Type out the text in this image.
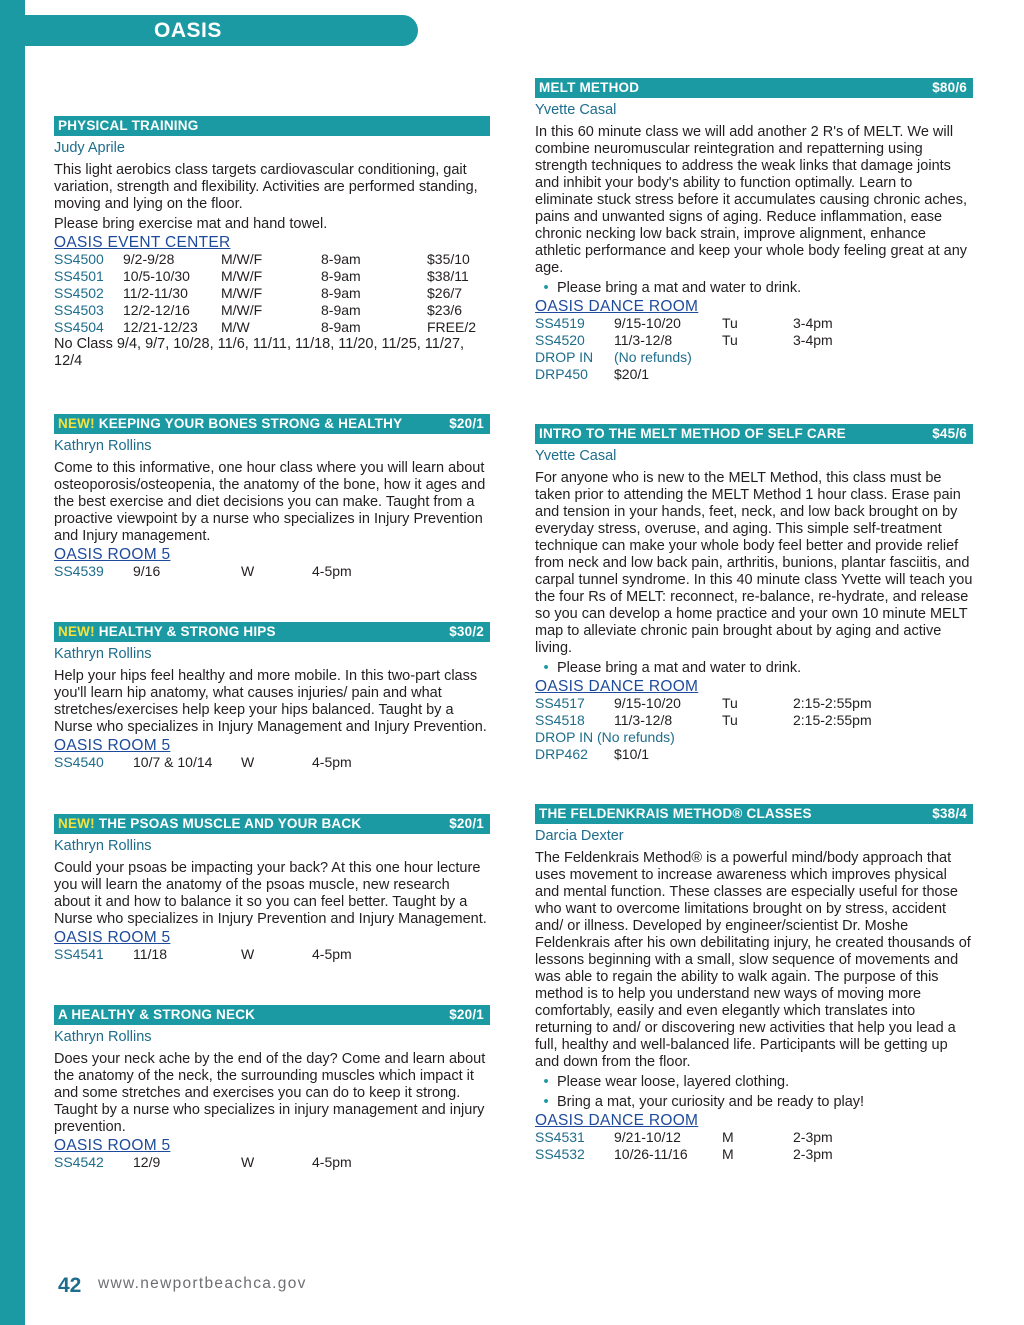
OASIS
PHYSICAL TRAINING
Judy Aprile
This light aerobics class targets cardiovascular conditioning, gait variation, strength and flexibility. Activities are performed standing, moving and lying on the floor.
Please bring exercise mat and hand towel.
OASIS EVENT CENTER
SS4500 9/2-9/28	M/W/F	8-9am	$35/10
SS4501 10/5-10/30 M/W/F	8-9am	$38/11
SS4502 11/2-11/30 M/W/F	8-9am	$26/7
SS4503 12/2-12/16 M/W/F	8-9am	$23/6
SS4504 12/21-12/23 M/W	8-9am	FREE/2
No Class 9/4, 9/7, 10/28, 11/6, 11/11, 11/18, 11/20, 11/25, 11/27, 12/4
NEW! KEEPING YOUR BONES STRONG & HEALTHY	$20/1
Kathryn Rollins
Come to this informative, one hour class where you will learn about osteoporosis/osteopenia, the anatomy of the bone, how it ages and the best exercise and diet decisions you can make. Taught from a proactive viewpoint by a nurse who specializes in Injury Prevention and Injury management.
OASIS ROOM 5
SS4539 9/16	W	4-5pm
NEW! HEALTHY & STRONG HIPS	$30/2
Kathryn Rollins
Help your hips feel healthy and more mobile. In this two-part class you'll learn hip anatomy, what causes injuries/ pain and what stretches/exercises help keep your hips balanced. Taught by a Nurse who specializes in Injury Management and Injury Prevention.
OASIS ROOM 5
SS4540 10/7 & 10/14 W	4-5pm
NEW! THE PSOAS MUSCLE AND YOUR BACK	$20/1
Kathryn Rollins
Could your psoas be impacting your back? At this one hour lecture you will learn the anatomy of the psoas muscle, new research about it and how to balance it so you can feel better. Taught by a Nurse who specializes in Injury Prevention and Injury Management.
OASIS ROOM 5
SS4541 11/18	W	4-5pm
A HEALTHY & STRONG NECK	$20/1
Kathryn Rollins
Does your neck ache by the end of the day? Come and learn about the anatomy of the neck, the surrounding muscles which impact it and some stretches and exercises you can do to keep it strong. Taught by a nurse who specializes in injury management and injury prevention.
OASIS ROOM 5
SS4542 12/9	W	4-5pm
MELT METHOD	$80/6
Yvette Casal
In this 60 minute class we will add another 2 R's of MELT. We will combine neuromuscular reintegration and repatterning using strength techniques to address the weak links that damage joints and inhibit your body's ability to function optimally. Learn to eliminate stuck stress before it accumulates causing chronic aches, pains and unwanted signs of aging. Reduce inflammation, ease chronic necking low back strain, improve alignment, enhance athletic performance and keep your whole body feeling great at any age.
• Please bring a mat and water to drink.
OASIS DANCE ROOM
SS4519 9/15-10/20	Tu	3-4pm
SS4520 11/3-12/8	Tu	3-4pm
DROP IN (No refunds)
DRP450 $20/1
INTRO TO THE MELT METHOD OF SELF CARE	$45/6
Yvette Casal
For anyone who is new to the MELT Method, this class must be taken prior to attending the MELT Method 1 hour class. Erase pain and tension in your hands, feet, neck, and low back brought on by everyday stress, overuse, and aging. This simple self-treatment technique can make your whole body feel better and provide relief from neck and low back pain, arthritis, bunions, plantar fasciitis, and carpal tunnel syndrome. In this 40 minute class Yvette will teach you the four Rs of MELT: reconnect, re-balance, re-hydrate, and release so you can develop a home practice and your own 10 minute MELT map to alleviate chronic pain brought about by aging and active living.
• Please bring a mat and water to drink.
OASIS DANCE ROOM
SS4517 9/15-10/20	Tu	2:15-2:55pm
SS4518 11/3-12/8	Tu	2:15-2:55pm
DROP IN (No refunds)
DRP462 $10/1
THE FELDENKRAIS METHOD® CLASSES	$38/4
Darcia Dexter
The Feldenkrais Method® is a powerful mind/body approach that uses movement to increase awareness which improves physical and mental function. These classes are especially useful for those who want to overcome limitations brought on by stress, accident and/ or illness. Developed by engineer/scientist Dr. Moshe Feldenkrais after his own debilitating injury, he created thousands of lessons beginning with a small, slow sequence of movements and was able to regain the ability to walk again. The purpose of this method is to help you understand new ways of moving more comfortably, easily and even elegantly which translates into returning to and/ or discovering new activities that help you lead a full, healthy and well-balanced life. Participants will be getting up and down from the floor.
• Please wear loose, layered clothing.
• Bring a mat, your curiosity and be ready to play!
OASIS DANCE ROOM
SS4531 9/21-10/12	M	2-3pm
SS4532 10/26-11/16 M	2-3pm
42 www.newportbeachca.gov
